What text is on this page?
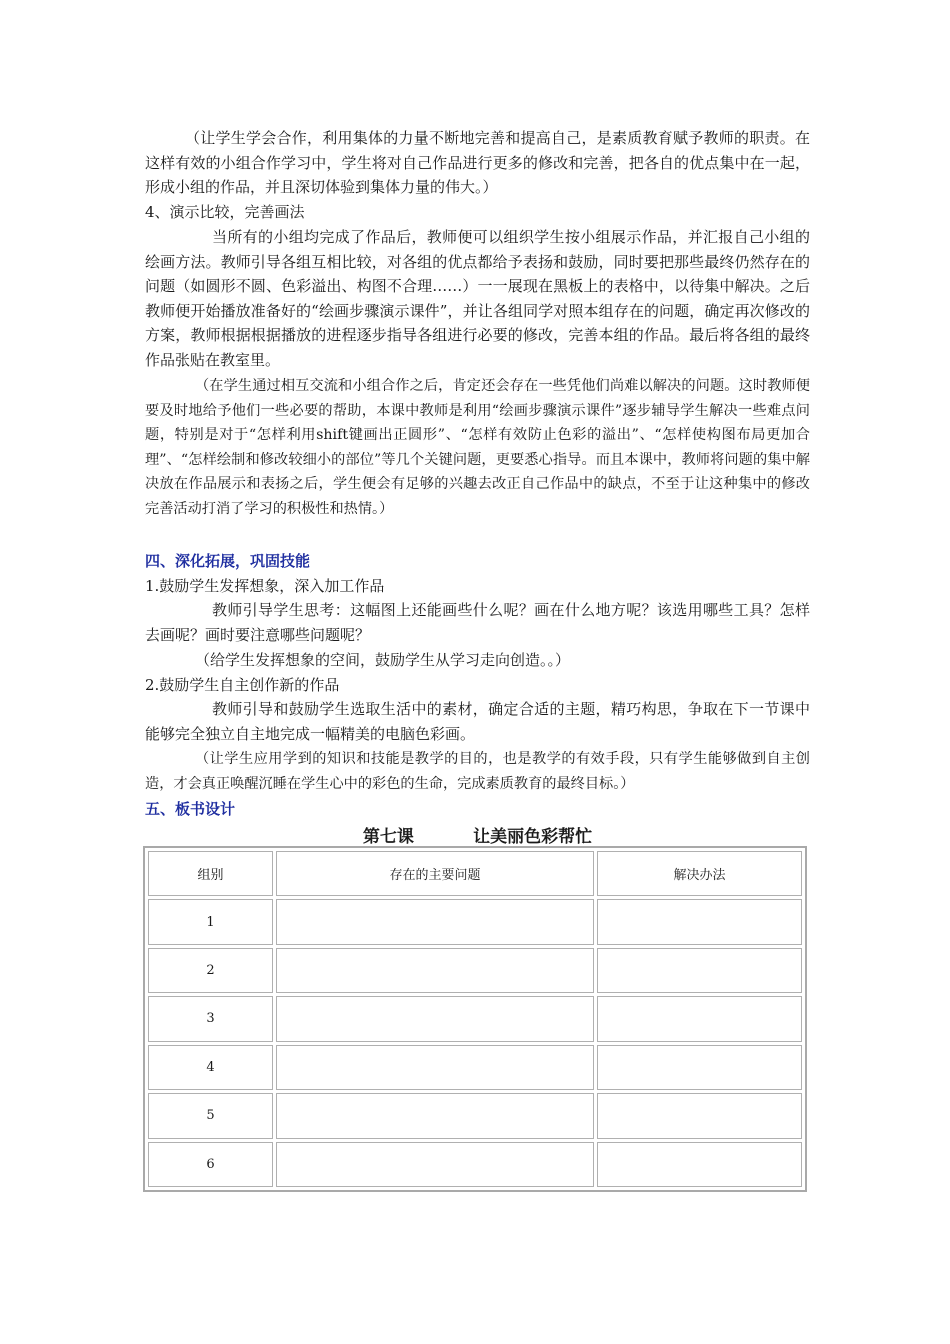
（让学生学会合作，利用集体的力量不断地完善和提高自己，是素质教育赋予教师的职责。在这样有效的小组合作学习中，学生将对自己作品进行更多的修改和完善，把各自的优点集中在一起，形成小组的作品，并且深切体验到集体力量的伟大。）

4、演示比较，完善画法

当所有的小组均完成了作品后，教师便可以组织学生按小组展示作品，并汇报自己小组的绘画方法。教师引导各组互相比较，对各组的优点都给予表扬和鼓励，同时要把那些最终仍然存在的问题（如圆形不圆、色彩溢出、构图不合理……）一一展现在黑板上的表格中，以待集中解决。之后教师便开始播放准备好的“绘画步骤演示课件”，并让各组同学对照本组存在的问题，确定再次修改的方案，教师根据根据播放的进程逐步指导各组进行必要的修改，完善本组的作品。最后将各组的最终作品张贴在教室里。

（在学生通过相互交流和小组合作之后，肯定还会存在一些凭他们尚难以解决的问题。这时教师便要及时地给予他们一些必要的帮助，本课中教师是利用“绘画步骤演示课件”逐步辅导学生解决一些难点问题，特别是对于“怎样利用shift键画出正圆形”、“怎样有效防止色彩的溢出”、“怎样使构图布局更加合理”、“怎样绘制和修改较细小的部位”等几个关键问题，更要悉心指导。而且本课中，教师将问题的集中解决放在作品展示和表扬之后，学生便会有足够的兴趣去改正自己作品中的缺点，不至于让这种集中的修改完善活动打消了学习的积极性和热情。）

四、深化拓展，巩固技能

1.鼓励学生发挥想象，深入加工作品

教师引导学生思考：这幅图上还能画些什么呢？画在什么地方呢？该选用哪些工具？怎样去画呢？画时要注意哪些问题呢？

（给学生发挥想象的空间，鼓励学生从学习走向创造。。）

2.鼓励学生自主创作新的作品

教师引导和鼓励学生选取生活中的素材，确定合适的主题，精巧构思，争取在下一节课中能够完全独立自主地完成一幅精美的电脑色彩画。

（让学生应用学到的知识和技能是教学的目的，也是教学的有效手段，只有学生能够做到自主创造，才会真正唤醒沉睡在学生心中的彩色的生命，完成素质教育的最终目标。）

五、板书设计

第七课          让美丽色彩帮忙
组别	存在的主要问题	解决办法
1		
2		
3		
4		
5		
6		
